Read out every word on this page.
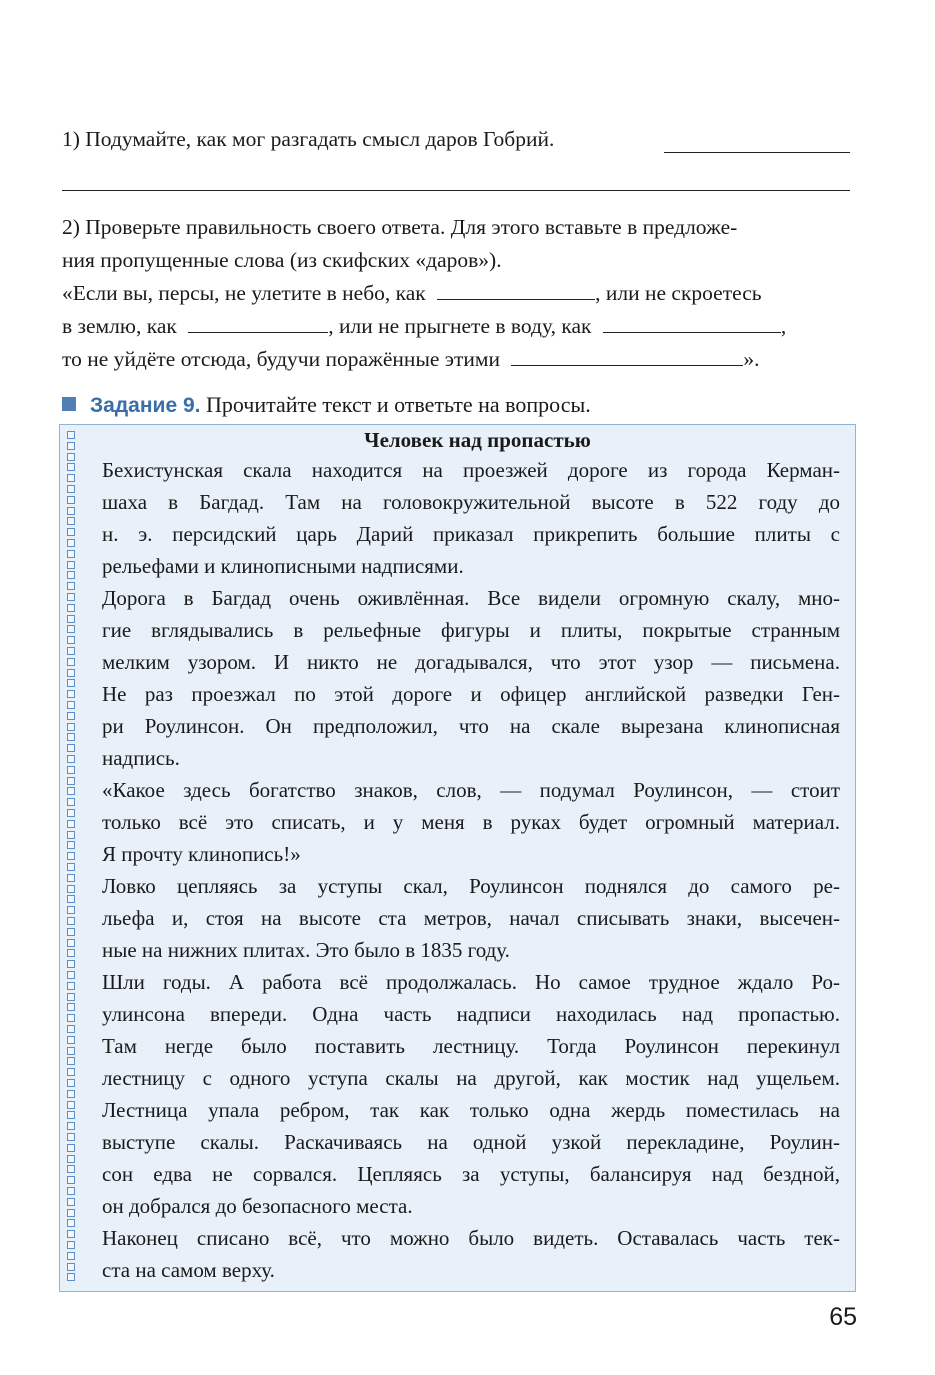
1) Подумайте, как мог разгадать смысл даров Гобрий.
2) Проверьте правильность своего ответа. Для этого вставьте в предложе-
ния пропущенные слова (из скифских «даров»).
«Если вы, персы, не улетите в небо, как	, или не скроетесь
в землю, как	, или не прыгнете в воду, как	,
то не уйдёте отсюда, будучи поражённые этими	».
Задание 9. Прочитайте текст и ответьте на вопросы.
Человек над пропастью
Бехистунская скала находится на проезжей дороге из города Керман-
шаха в Багдад. Там на головокружительной высоте в 522 году до
н. э. персидский царь Дарий приказал прикрепить большие плиты с
рельефами и клинописными надписями.
Дорога в Багдад очень оживлённая. Все видели огромную скалу, мно-
гие вглядывались в рельефные фигуры и плиты, покрытые странным
мелким узором. И никто не догадывался, что этот узор — письмена.
Не раз проезжал по этой дороге и офицер английской разведки Ген-
ри Роулинсон. Он предположил, что на скале вырезана клинописная
надпись.
«Какое здесь богатство знаков, слов, — подумал Роулинсон, — стоит
только всё это списать, и у меня в руках будет огромный материал.
Я прочту клинопись!»
Ловко цепляясь за уступы скал, Роулинсон поднялся до самого ре-
льефа и, стоя на высоте ста метров, начал списывать знаки, высечен-
ные на нижних плитах. Это было в 1835 году.
Шли годы. А работа всё продолжалась. Но самое трудное ждало Ро-
улинсона впереди. Одна часть надписи находилась над пропастью.
Там негде было поставить лестницу. Тогда Роулинсон перекинул
лестницу с одного уступа скалы на другой, как мостик над ущельем.
Лестница упала ребром, так как только одна жердь поместилась на
выступе скалы. Раскачиваясь на одной узкой перекладине, Роулин-
сон едва не сорвался. Цепляясь за уступы, балансируя над бездной,
он добрался до безопасного места.
Наконец списано всё, что можно было видеть. Оставалась часть тек-
ста на самом верху.
65
